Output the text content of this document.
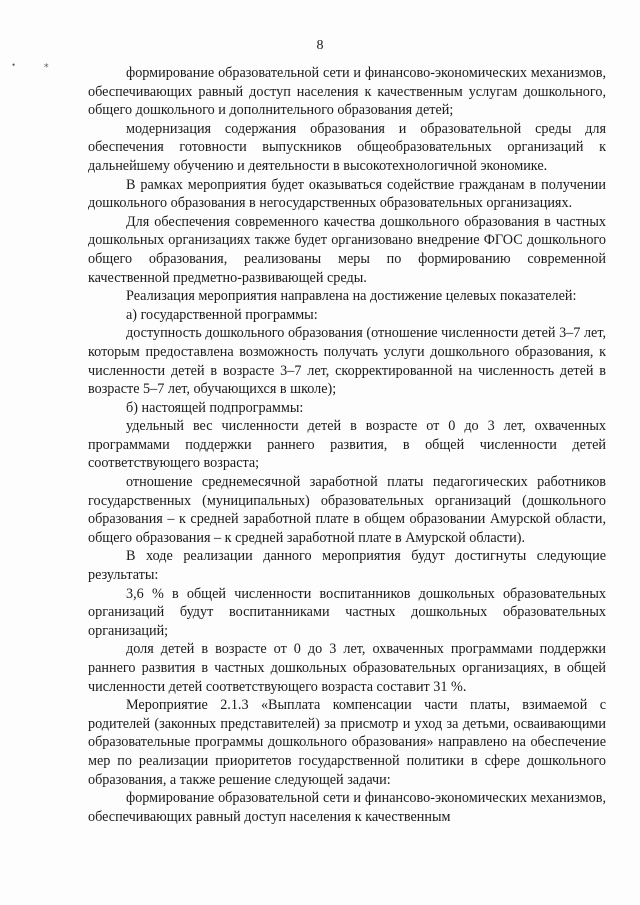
8
•	⁎

формирование образовательной сети и финансово-экономических механизмов, обеспечивающих равный доступ населения к качественным услугам дошкольного, общего дошкольного и дополнительного образования детей;

модернизация содержания образования и образовательной среды для обеспечения готовности выпускников общеобразовательных организаций к дальнейшему обучению и деятельности в высокотехнологичной экономике.

В рамках мероприятия будет оказываться содействие гражданам в получении дошкольного образования в негосударственных образовательных организациях.

Для обеспечения современного качества дошкольного образования в частных дошкольных организациях также будет организовано внедрение ФГОС дошкольного общего образования, реализованы меры по формированию современной качественной предметно-развивающей среды.

Реализация мероприятия направлена на достижение целевых показателей:

а) государственной программы:

доступность дошкольного образования (отношение численности детей 3–7 лет, которым предоставлена возможность получать услуги дошкольного образования, к численности детей в возрасте 3–7 лет, скорректированной на численность детей в возрасте 5–7 лет, обучающихся в школе);

б) настоящей подпрограммы:

удельный вес численности детей в возрасте от 0 до 3 лет, охваченных программами поддержки раннего развития, в общей численности детей соответствующего возраста;

отношение среднемесячной заработной платы педагогических работников государственных (муниципальных) образовательных организаций (дошкольного образования – к средней заработной плате в общем образовании Амурской области, общего образования – к средней заработной плате в Амурской области).

В ходе реализации данного мероприятия будут достигнуты следующие результаты:

3,6 % в общей численности воспитанников дошкольных образовательных организаций будут воспитанниками частных дошкольных образовательных организаций;

доля детей в возрасте от 0 до 3 лет, охваченных программами поддержки раннего развития в частных дошкольных образовательных организациях, в общей численности детей соответствующего возраста составит 31 %.

Мероприятие 2.1.3 «Выплата компенсации части платы, взимаемой с родителей (законных представителей) за присмотр и уход за детьми, осваивающими образовательные программы дошкольного образования» направлено на обеспечение мер по реализации приоритетов государственной политики в сфере дошкольного образования, а также решение следующей задачи:

формирование образовательной сети и финансово-экономических механизмов, обеспечивающих равный доступ населения к качественным
